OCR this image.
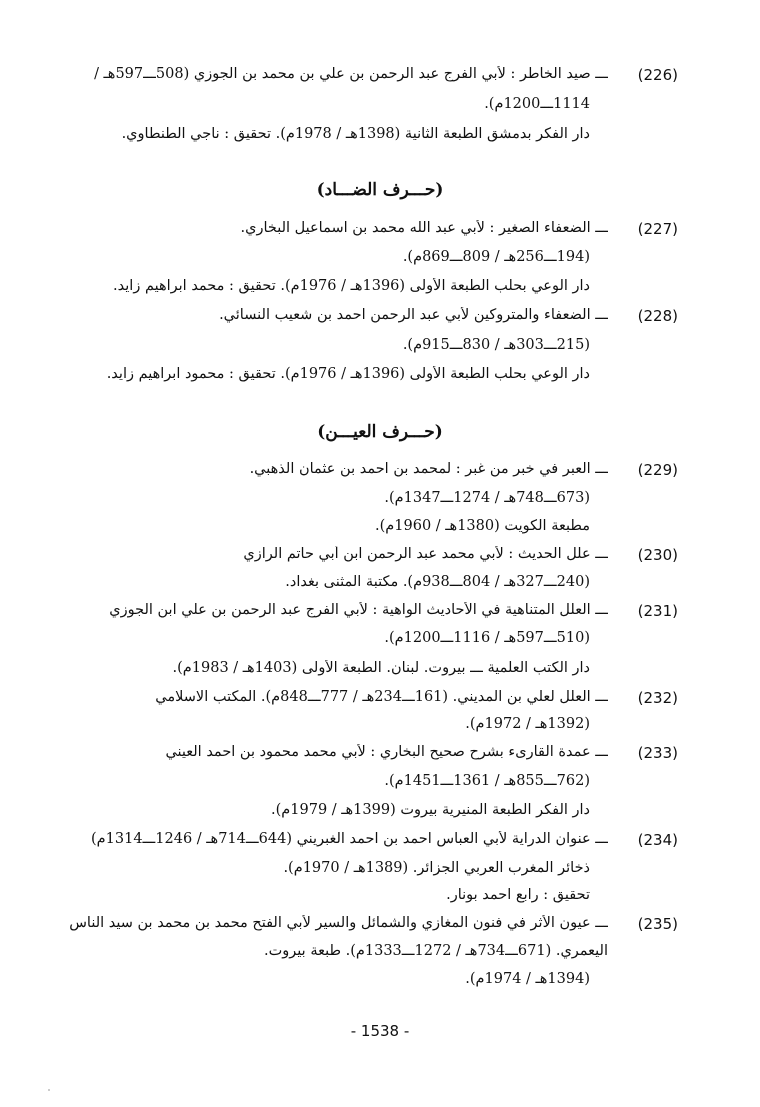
(226)
ـــ صيد الخاطر : لأبي الفرج عبد الرحمن بن علي بن محمد بن الجوزي (508ـــ597هـ /
1114ـــ1200م).
دار الفكر بدمشق الطبعة الثانية (1398هـ / 1978م). تحقيق : ناجي الطنطاوي.
(حـــرف الضـــاد)
(227)
ـــ الضعفاء الصغير : لأبي عبد الله محمد بن اسماعيل البخاري.
(194ـــ256هـ / 809ـــ869م).
دار الوعي بحلب الطبعة الأولى (1396هـ / 1976م). تحقيق : محمد ابراهيم زايد.
(228)
ـــ الضعفاء والمتروكين لأبي عبد الرحمن احمد بن شعيب النسائي.
(215ـــ303هـ / 830ـــ915م).
دار الوعي بحلب الطبعة الأولى (1396هـ / 1976م). تحقيق : محمود ابراهيم زايد.
(حـــرف العيـــن)
(229)
ـــ العبر في خبر من غبر : لمحمد بن احمد بن عثمان الذهبي.
(673ـــ748هـ / 1274ـــ1347م).
مطبعة الكويت (1380هـ / 1960م).
(230)
ـــ علل الحديث : لأبي محمد عبد الرحمن ابن أبي حاتم الرازي
(240ـــ327هـ / 804ـــ938م). مكتبة المثنى بغداد.
(231)
ـــ العلل المتناهية في الأحاديث الواهية : لأبي الفرج عبد الرحمن بن علي ابن الجوزي
(510ـــ597هـ / 1116ـــ1200م).
دار الكتب العلمية ـــ بيروت. لبنان. الطبعة الأولى (1403هـ / 1983م).
(232)
ـــ العلل لعلي بن المديني. (161ـــ234هـ / 777ـــ848م). المكتب الاسلامي
(1392هـ / 1972م).
(233)
ـــ عمدة القارىء بشرح صحيح البخاري : لأبي محمد محمود بن احمد العيني
(762ـــ855هـ / 1361ـــ1451م).
دار الفكر الطبعة المنيرية بيروت (1399هـ / 1979م).
(234)
ـــ عنوان الدراية لأبي العباس احمد بن احمد الغبريني (644ـــ714هـ / 1246ـــ1314م)
ذخائر المغرب العربي الجزائر. (1389هـ / 1970م).
تحقيق : رابع احمد بونار.
(235)
ـــ عيون الأثر في فنون المغازي والشمائل والسير لأبي الفتح محمد بن محمد بن سيد الناس
اليعمري. (671ـــ734هـ / 1272ـــ1333م). طبعة بيروت.
(1394هـ / 1974م).
- 1538 -
